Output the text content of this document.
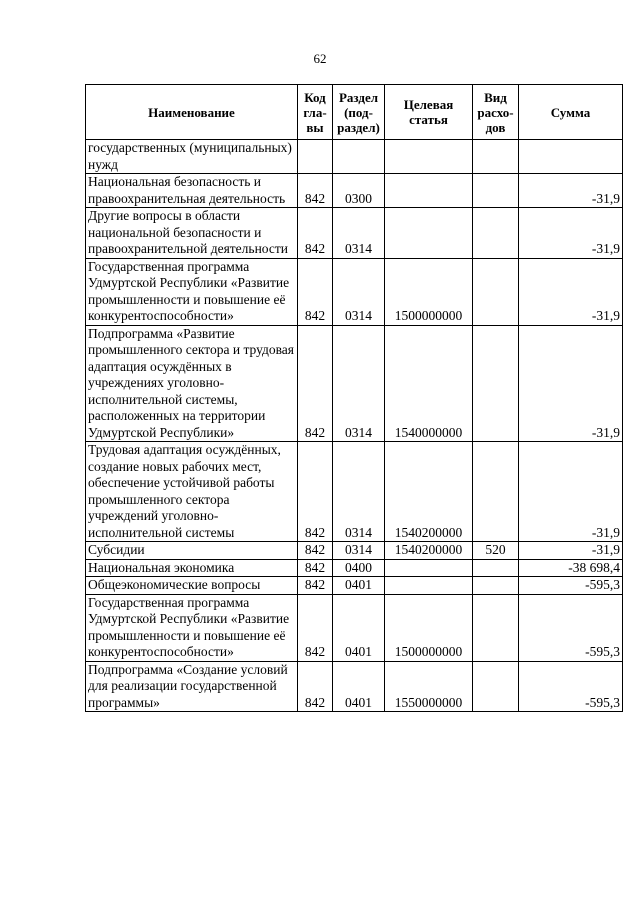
62
Наименование	Код гла-вы	Раздел (под-раздел)	Целевая статья	Вид расхо-дов	Сумма
государственных (муниципальных) нужд					
Национальная безопасность и правоохранительная деятельность	842	0300			-31,9
Другие вопросы в области национальной безопасности и правоохранительной деятельности	842	0314			-31,9
Государственная программа Удмуртской Республики «Развитие промышленности и повышение её конкурентоспособности»	842	0314	1500000000		-31,9
Подпрограмма «Развитие промышленного сектора и трудовая адаптация осуждённых в учреждениях уголовно-исполнительной системы, расположенных на территории Удмуртской Республики»	842	0314	1540000000		-31,9
Трудовая адаптация осуждённых, создание новых рабочих мест, обеспечение устойчивой работы промышленного сектора учреждений уголовно-исполнительной системы	842	0314	1540200000		-31,9
Субсидии	842	0314	1540200000	520	-31,9
Национальная экономика	842	0400			-38 698,4
Общеэкономические вопросы	842	0401			-595,3
Государственная программа Удмуртской Республики «Развитие промышленности и повышение её конкурентоспособности»	842	0401	1500000000		-595,3
Подпрограмма «Создание условий для реализации государственной программы»	842	0401	1550000000		-595,3
